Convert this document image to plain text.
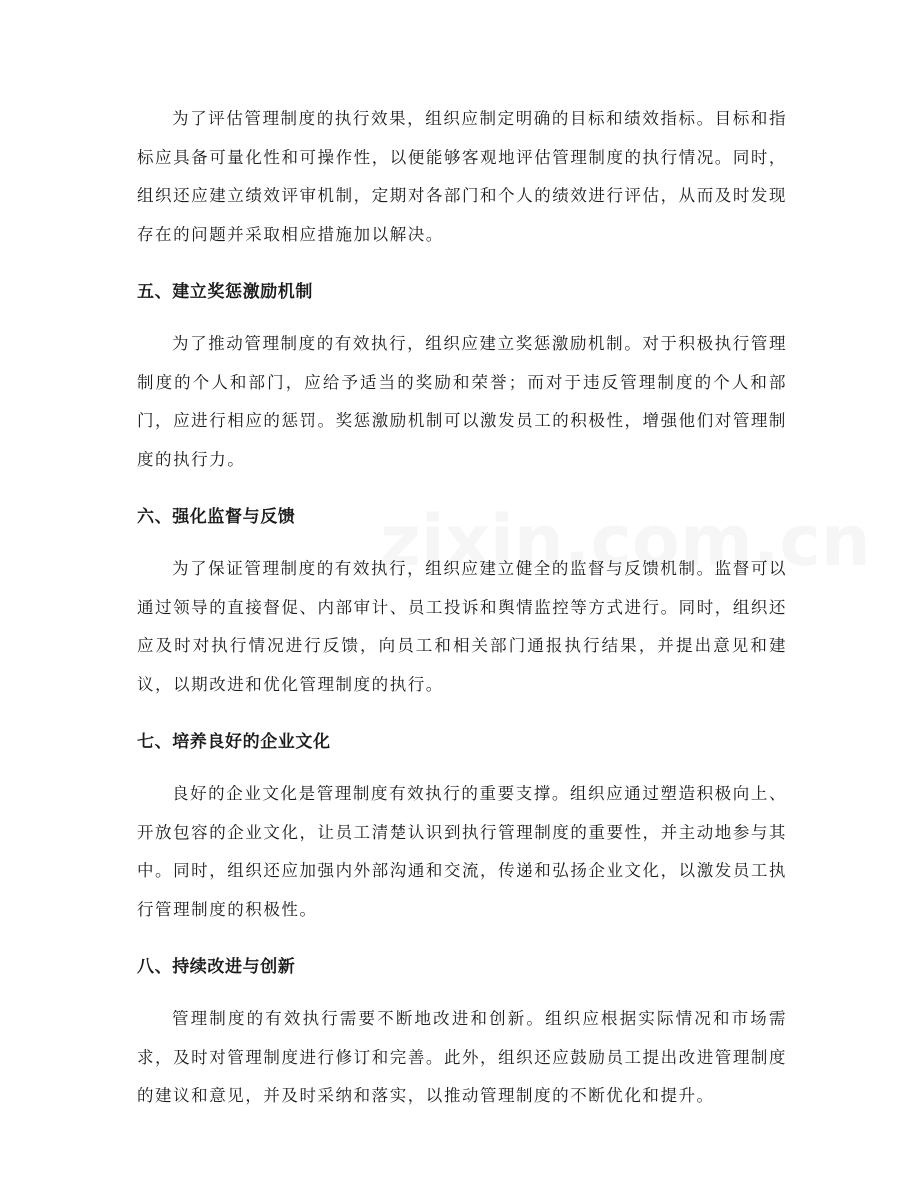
为了评估管理制度的执行效果，组织应制定明确的目标和绩效指标。目标和指标应具备可量化性和可操作性，以便能够客观地评估管理制度的执行情况。同时，组织还应建立绩效评审机制，定期对各部门和个人的绩效进行评估，从而及时发现存在的问题并采取相应措施加以解决。

五、建立奖惩激励机制

为了推动管理制度的有效执行，组织应建立奖惩激励机制。对于积极执行管理制度的个人和部门，应给予适当的奖励和荣誉；而对于违反管理制度的个人和部门，应进行相应的惩罚。奖惩激励机制可以激发员工的积极性，增强他们对管理制度的执行力。

六、强化监督与反馈

为了保证管理制度的有效执行，组织应建立健全的监督与反馈机制。监督可以通过领导的直接督促、内部审计、员工投诉和舆情监控等方式进行。同时，组织还应及时对执行情况进行反馈，向员工和相关部门通报执行结果，并提出意见和建议，以期改进和优化管理制度的执行。

七、培养良好的企业文化

良好的企业文化是管理制度有效执行的重要支撑。组织应通过塑造积极向上、开放包容的企业文化，让员工清楚认识到执行管理制度的重要性，并主动地参与其中。同时，组织还应加强内外部沟通和交流，传递和弘扬企业文化，以激发员工执行管理制度的积极性。

八、持续改进与创新

管理制度的有效执行需要不断地改进和创新。组织应根据实际情况和市场需求，及时对管理制度进行修订和完善。此外，组织还应鼓励员工提出改进管理制度的建议和意见，并及时采纳和落实，以推动管理制度的不断优化和提升。
